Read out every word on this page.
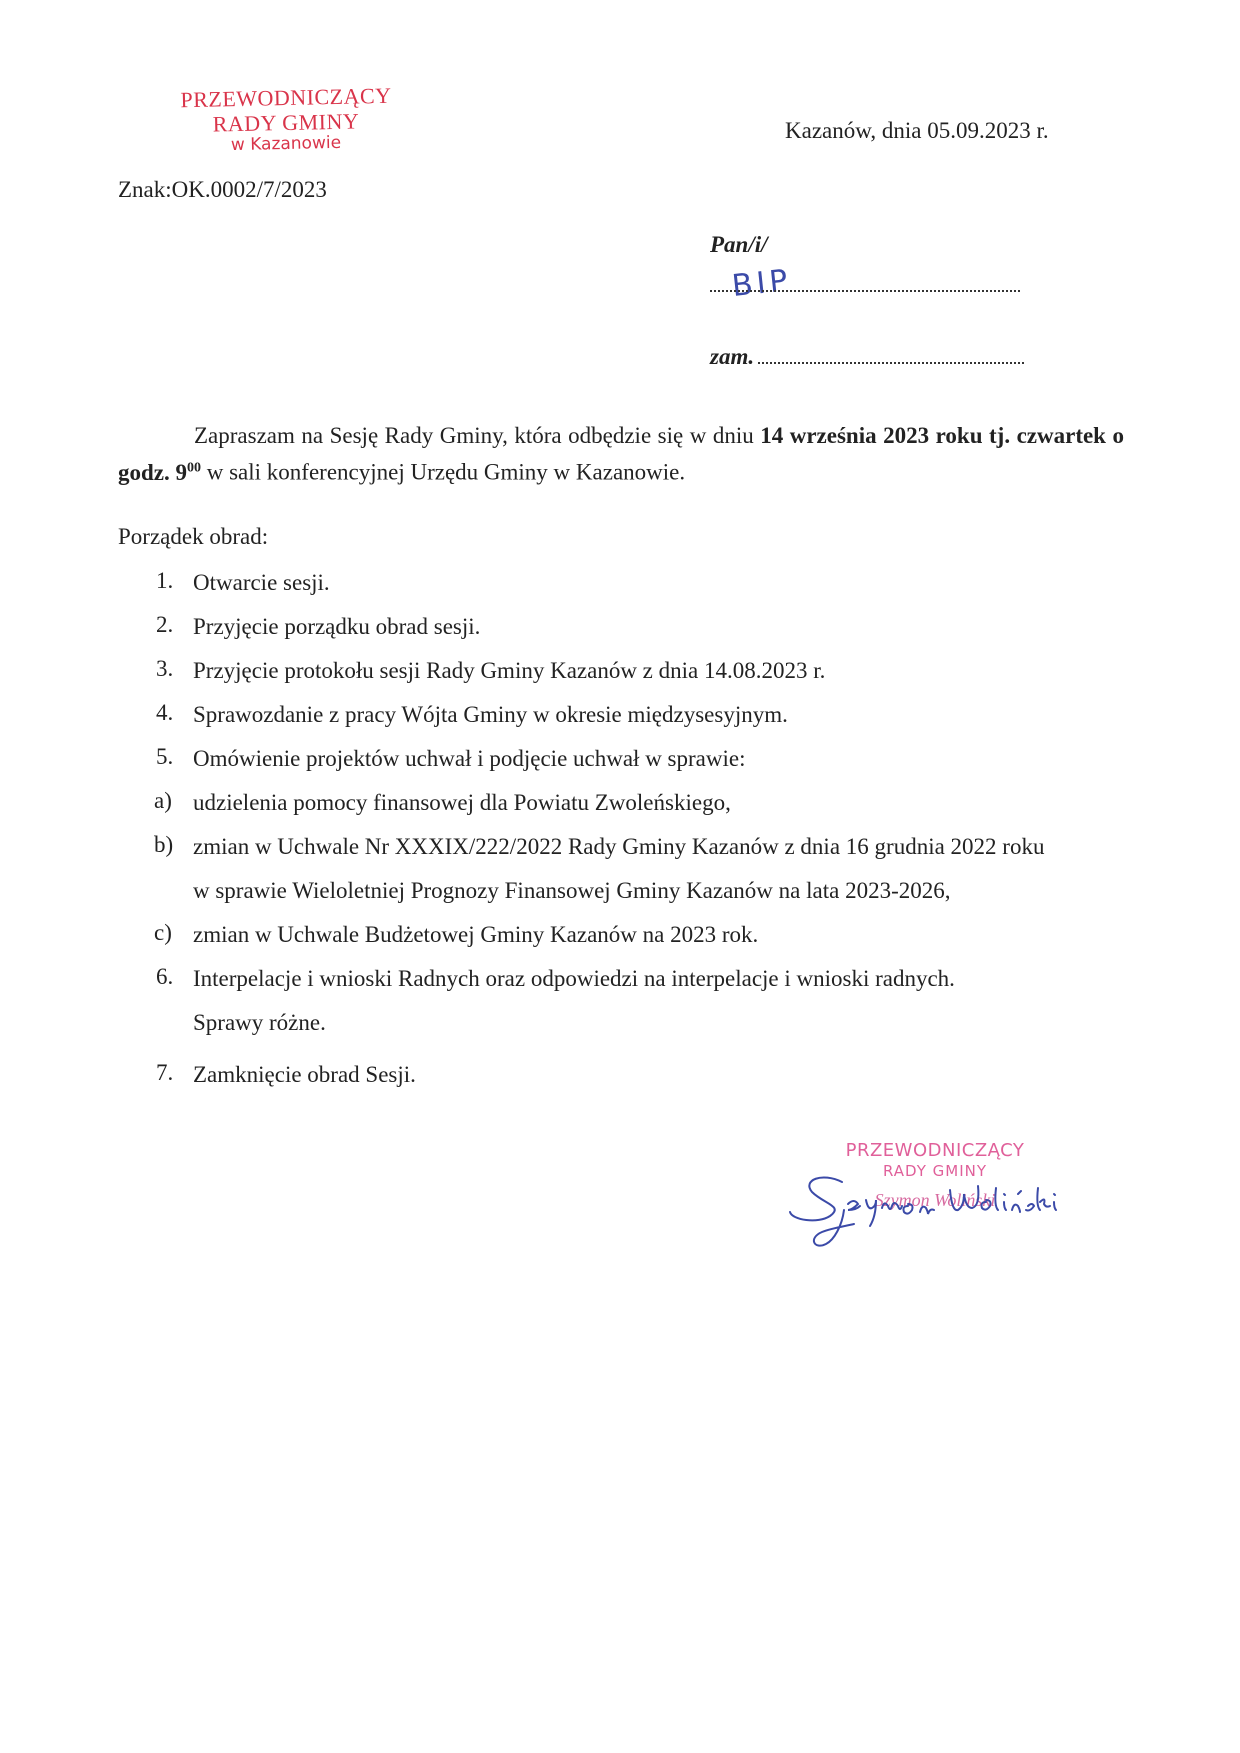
PRZEWODNICZĄCY
RADY GMINY
w Kazanowie
Kazanów, dnia 05.09.2023 r.
Znak:OK.0002/7/2023
Pan/i/
BIP
zam.
Zapraszam na Sesję Rady Gminy, która odbędzie się w dniu 14 września 2023 roku tj. czwartek o godz. $9^{00}$ w sali konferencyjnej Urzędu Gminy w Kazanowie.
Porządek obrad:
1. Otwarcie sesji.
2. Przyjęcie porządku obrad sesji.
3. Przyjęcie protokołu sesji Rady Gminy Kazanów z dnia 14.08.2023 r.
4. Sprawozdanie z pracy Wójta Gminy w okresie międzysesyjnym.
5. Omówienie projektów uchwał i podjęcie uchwał w sprawie:
a) udzielenia pomocy finansowej dla Powiatu Zwoleńskiego,
b) zmian w Uchwale Nr XXXIX/222/2022 Rady Gminy Kazanów z dnia 16 grudnia 2022 roku
w sprawie Wieloletniej Prognozy Finansowej Gminy Kazanów na lata 2023-2026,
c) zmian w Uchwale Budżetowej Gminy Kazanów na 2023 rok.
6. Interpelacje i wnioski Radnych oraz odpowiedzi na interpelacje i wnioski radnych.
Sprawy różne.
7. Zamknięcie obrad Sesji.
PRZEWODNICZĄCY
RADY GMINY
Szymon Woliński
